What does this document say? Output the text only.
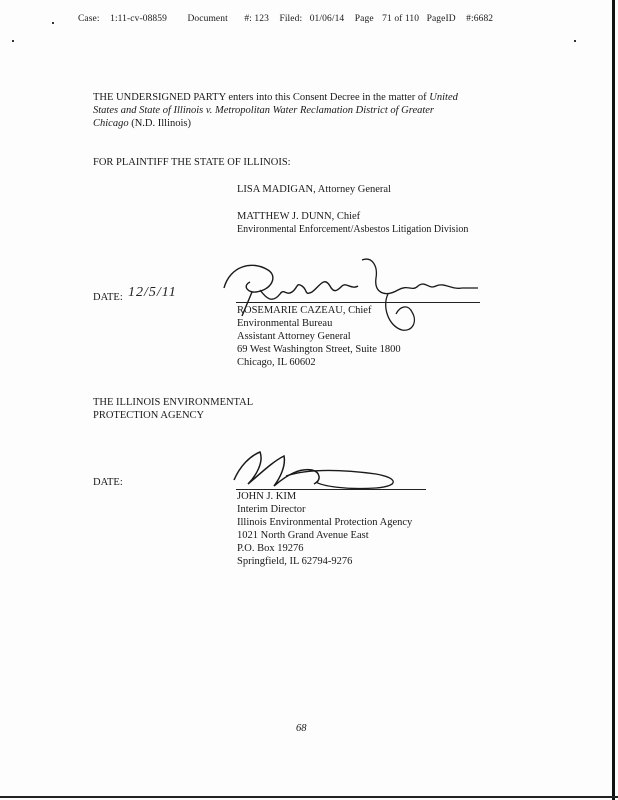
Case: 1:11-cv-08859 Document #: 123 Filed: 01/06/14 Page 71 of 110 PageID #:6682
THE UNDERSIGNED PARTY enters into this Consent Decree in the matter of United
States and State of Illinois v. Metropolitan Water Reclamation District of Greater
Chicago (N.D. Illinois)
FOR PLAINTIFF THE STATE OF ILLINOIS:
LISA MADIGAN, Attorney General
MATTHEW J. DUNN, Chief
Environmental Enforcement/Asbestos Litigation Division
DATE: 12/5/11
ROSEMARIE CAZEAU, Chief
Environmental Bureau
Assistant Attorney General
69 West Washington Street, Suite 1800
Chicago, IL 60602
THE ILLINOIS ENVIRONMENTAL
PROTECTION AGENCY
DATE:
JOHN J. KIM
Interim Director
Illinois Environmental Protection Agency
1021 North Grand Avenue East
P.O. Box 19276
Springfield, IL 62794-9276
68
